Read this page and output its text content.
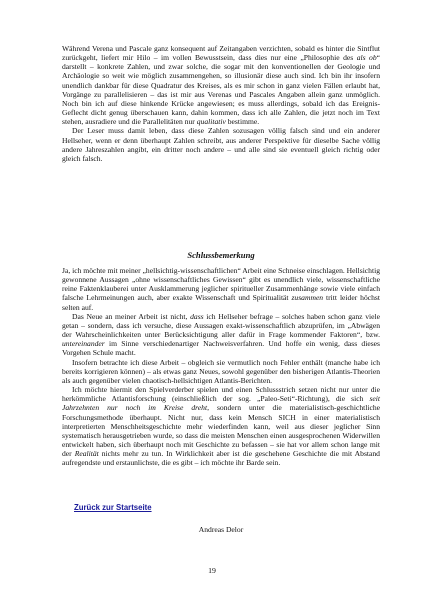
Während Verena und Pascale ganz konsequent auf Zeitangaben verzichten, sobald es hinter die Sintflut zurückgeht, liefert mir Hilo – im vollen Bewusstsein, dass dies nur eine „Philosophie des als ob“ darstellt – konkrete Zahlen, und zwar solche, die sogar mit den konventionellen der Geologie und Archäologie so weit wie möglich zusammengehen, so illusionär diese auch sind. Ich bin ihr insofern unendlich dankbar für diese Quadratur des Kreises, als es mir schon in ganz vielen Fällen erlaubt hat, Vorgänge zu parallelisieren – das ist mir aus Verenas und Pascales Angaben allein ganz unmöglich. Noch bin ich auf diese hinkende Krücke angewiesen; es muss allerdings, sobald ich das Ereignis-Geflecht dicht genug überschauen kann, dahin kommen, dass ich alle Zahlen, die jetzt noch im Text stehen, ausradiere und die Parallelitäten nur qualitativ bestimme.

Der Leser muss damit leben, dass diese Zahlen sozusagen völlig falsch sind und ein anderer Hellseher, wenn er denn überhaupt Zahlen schreibt, aus anderer Perspektive für dieselbe Sache völlig andere Jahreszahlen angibt, ein dritter noch andere – und alle sind sie eventuell gleich richtig oder gleich falsch.

Schlussbemerkung

Ja, ich möchte mit meiner „hellsichtig-wissenschaftlichen“ Arbeit eine Schneise einschlagen. Hellsichtig gewonnene Aussagen „ohne wissenschaftliches Gewissen“ gibt es unendlich viele, wissenschaftliche reine Faktenklauberei unter Ausklammerung jeglicher spiritueller Zusammenhänge sowie viele einfach falsche Lehrmeinungen auch, aber exakte Wissenschaft und Spiritualität zusammen tritt leider höchst selten auf.

Das Neue an meiner Arbeit ist nicht, dass ich Hellseher befrage – solches haben schon ganz viele getan – sondern, dass ich versuche, diese Aussagen exakt-wissenschaftlich abzuprüfen, im „Abwägen der Wahrscheinlichkeiten unter Berücksichtigung aller dafür in Frage kommender Faktoren“, bzw. untereinander im Sinne verschiedenartiger Nachweisverfahren. Und hoffe ein wenig, dass dieses Vorgehen Schule macht.

Insofern betrachte ich diese Arbeit – obgleich sie vermutlich noch Fehler enthält (manche habe ich bereits korrigieren können) – als etwas ganz Neues, sowohl gegenüber den bisherigen Atlantis-Theorien als auch gegenüber vielen chaotisch-hellsichtigen Atlantis-Berichten.

Ich möchte hiermit den Spielverderber spielen und einen Schlussstrich setzen nicht nur unter die herkömmliche Atlantisforschung (einschließlich der sog. „Paleo-Seti“-Richtung), die sich seit Jahrzehnten nur noch im Kreise dreht, sondern unter die materialistisch-geschichtliche Forschungsmethode überhaupt. Nicht nur, dass kein Mensch SICH in einer materialistisch interpretierten Menschheitsgeschichte mehr wiederfinden kann, weil aus dieser jeglicher Sinn systematisch herausgetrieben wurde, so dass die meisten Menschen einen ausgesprochenen Widerwillen entwickelt haben, sich überhaupt noch mit Geschichte zu befassen – sie hat vor allem schon lange mit der Realität nichts mehr zu tun. In Wirklichkeit aber ist die geschehene Geschichte die mit Abstand aufregendste und erstaunlichste, die es gibt – ich möchte ihr Barde sein.

Andreas Delor
Zurück zur Startseite
19
